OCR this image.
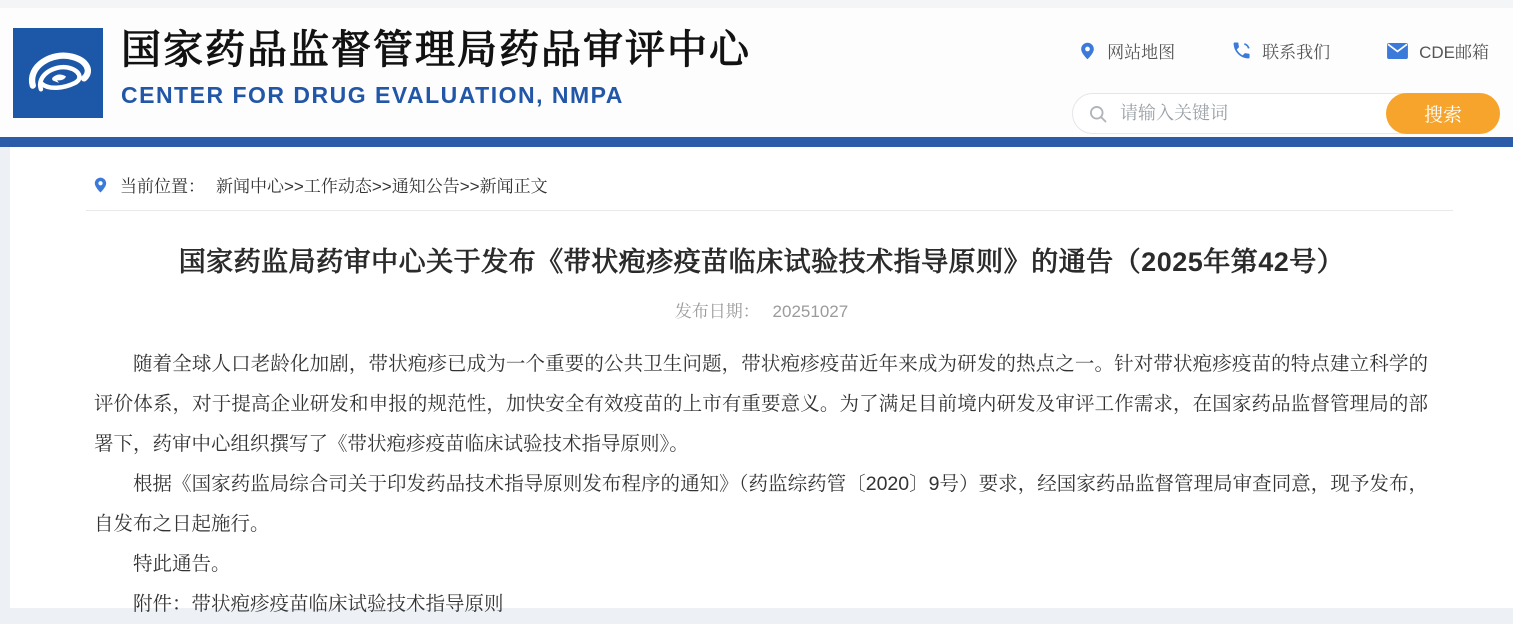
国家药品监督管理局药品审评中心
CENTER FOR DRUG EVALUATION, NMPA
网站地图	联系我们	CDE邮箱
请输入关键词
搜索
当前位置： 新闻中心>>工作动态>>通知公告>>新闻正文
国家药监局药审中心关于发布《带状疱疹疫苗临床试验技术指导原则》的通告（2025年第42号）
发布日期： 20251027

随着全球人口老龄化加剧，带状疱疹已成为一个重要的公共卫生问题，带状疱疹疫苗近年来成为研发的热点之一。针对带状疱疹疫苗的特点建立科学的评价体系，对于提高企业研发和申报的规范性，加快安全有效疫苗的上市有重要意义。为了满足目前境内研发及审评工作需求，在国家药品监督管理局的部署下，药审中心组织撰写了《带状疱疹疫苗临床试验技术指导原则》。

根据《国家药监局综合司关于印发药品技术指导原则发布程序的通知》（药监综药管〔2020〕9号）要求，经国家药品监督管理局审查同意，现予发布，自发布之日起施行。

特此通告。

附件：带状疱疹疫苗临床试验技术指导原则
